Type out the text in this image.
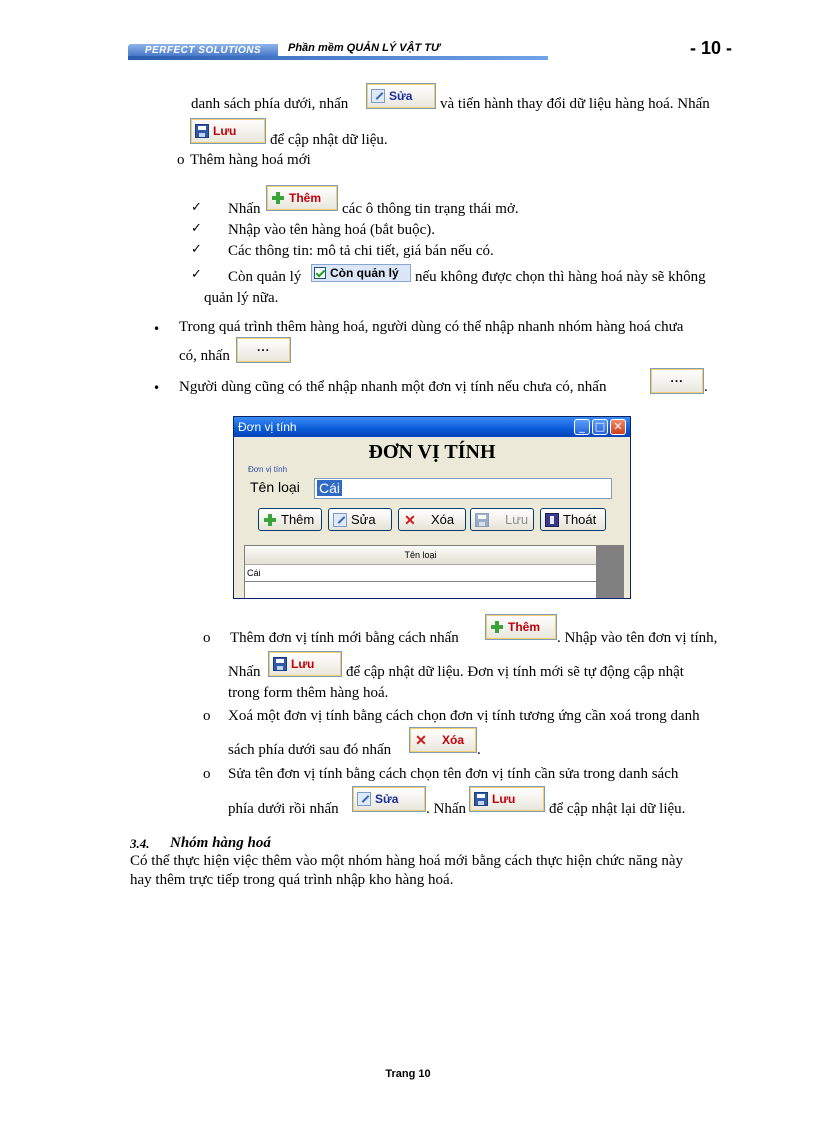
PERFECT SOLUTIONS	Phần mềm QUẢN LÝ VẬT TƯ	- 10 -
danh sách phía dưới, nhấn	Sửa và tiến hành thay đổi dữ liệu hàng hoá. Nhấn
Lưu
để cập nhật dữ liệu.
o Thêm hàng hoá mới
✓ Nhấn
Thêm
các ô thông tin trạng thái mở.
✓ Nhập vào tên hàng hoá (bắt buộc).
✓ Các thông tin: mô tả chi tiết, giá bán nếu có.
✓ Còn quản lý Còn quản lý nếu không được chọn thì hàng hoá này sẽ không
quản lý nữa.
• Trong quá trình thêm hàng hoá, người dùng có thể nhập nhanh nhóm hàng hoá chưa
có, nhấn
...
• Người dùng cũng có thể nhập nhanh một đơn vị tính nếu chưa có, nhấn
...
.
Đơn vị tính	_ □ ✕
ĐƠN VỊ TÍNH
Đơn vị tính
Tên loại	Cái
Thêm	Sửa ✕ Xóa	Lưu	Thoát
Tên loại
Cái
o Thêm đơn vị tính mới bằng cách nhấn
Thêm
. Nhập vào tên đơn vị tính,
Nhấn	Lưu để cập nhật dữ liệu. Đơn vị tính mới sẽ tự động cập nhật
trong form thêm hàng hoá.
o Xoá một đơn vị tính bằng cách chọn đơn vị tính tương ứng cần xoá trong danh
sách phía dưới sau đó nhấn
✕ Xóa
.
o Sửa tên đơn vị tính bằng cách chọn tên đơn vị tính cần sửa trong danh sách
phía dưới rồi nhấn
Sửa
. Nhấn
Lưu
để cập nhật lại dữ liệu.
3.4. Nhóm hàng hoá
Có thể thực hiện việc thêm vào một nhóm hàng hoá mới bằng cách thực hiện chức năng này
hay thêm trực tiếp trong quá trình nhập kho hàng hoá.
Trang 10
